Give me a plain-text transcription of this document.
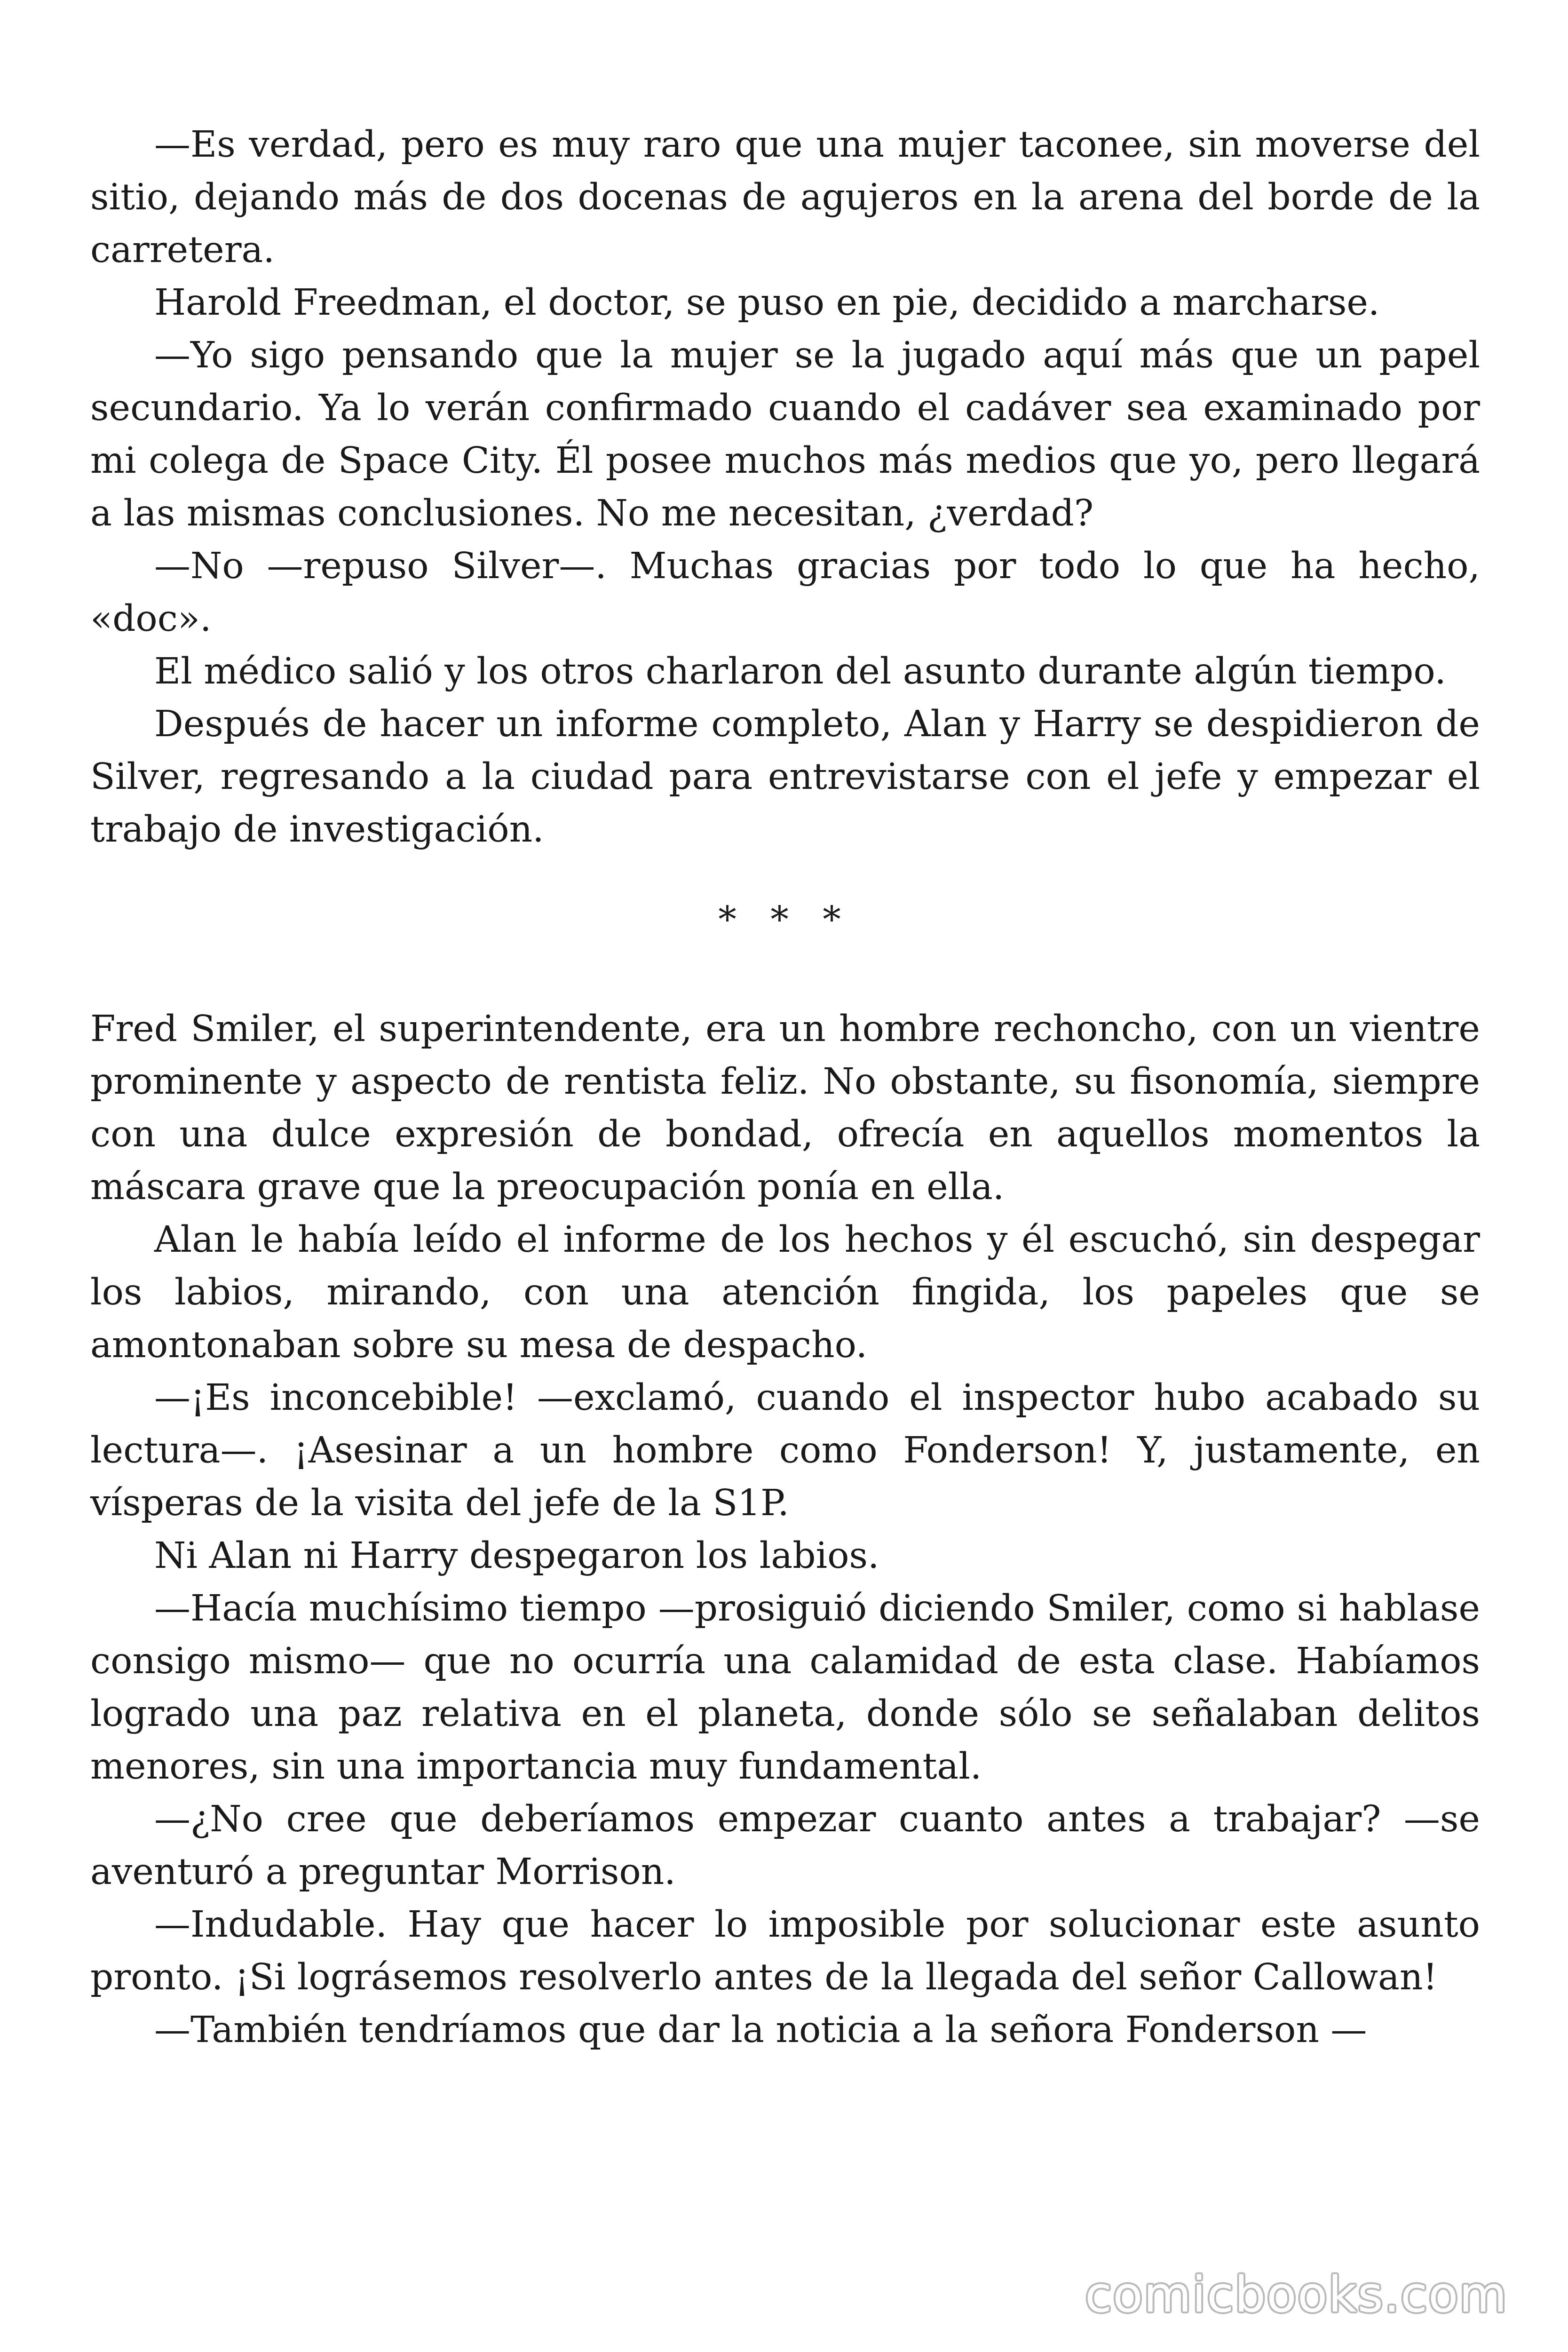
—Es verdad, pero es muy raro que una mujer taconee, sin moverse del sitio, dejando más de dos docenas de agujeros en la arena del borde de la carretera.

Harold Freedman, el doctor, se puso en pie, decidido a marcharse.

—Yo sigo pensando que la mujer se la jugado aquí más que un papel secundario. Ya lo verán confirmado cuando el cadáver sea examinado por mi colega de Space City. Él posee muchos más medios que yo, pero llegará a las mismas conclusiones. No me necesitan, ¿verdad?

—No —repuso Silver—. Muchas gracias por todo lo que ha hecho, «doc».

El médico salió y los otros charlaron del asunto durante algún tiempo.

Después de hacer un informe completo, Alan y Harry se despidieron de Silver, regresando a la ciudad para entrevistarse con el jefe y empezar el trabajo de investigación.

* * *

Fred Smiler, el superintendente, era un hombre rechoncho, con un vientre prominente y aspecto de rentista feliz. No obstante, su fisonomía, siempre con una dulce expresión de bondad, ofrecía en aquellos momentos la máscara grave que la preocupación ponía en ella.

Alan le había leído el informe de los hechos y él escuchó, sin despegar los labios, mirando, con una atención fingida, los papeles que se amontonaban sobre su mesa de despacho.

—¡Es inconcebible! —exclamó, cuando el inspector hubo acabado su lectura—. ¡Asesinar a un hombre como Fonderson! Y, justamente, en vísperas de la visita del jefe de la S1P.

Ni Alan ni Harry despegaron los labios.

—Hacía muchísimo tiempo —prosiguió diciendo Smiler, como si hablase consigo mismo— que no ocurría una calamidad de esta clase. Habíamos logrado una paz relativa en el planeta, donde sólo se señalaban delitos menores, sin una importancia muy fundamental.

—¿No cree que deberíamos empezar cuanto antes a trabajar? —se aventuró a preguntar Morrison.

—Indudable. Hay que hacer lo imposible por solucionar este asunto pronto. ¡Si lográsemos resolverlo antes de la llegada del señor Callowan!

—También tendríamos que dar la noticia a la señora Fonderson —

comicbooks.com
